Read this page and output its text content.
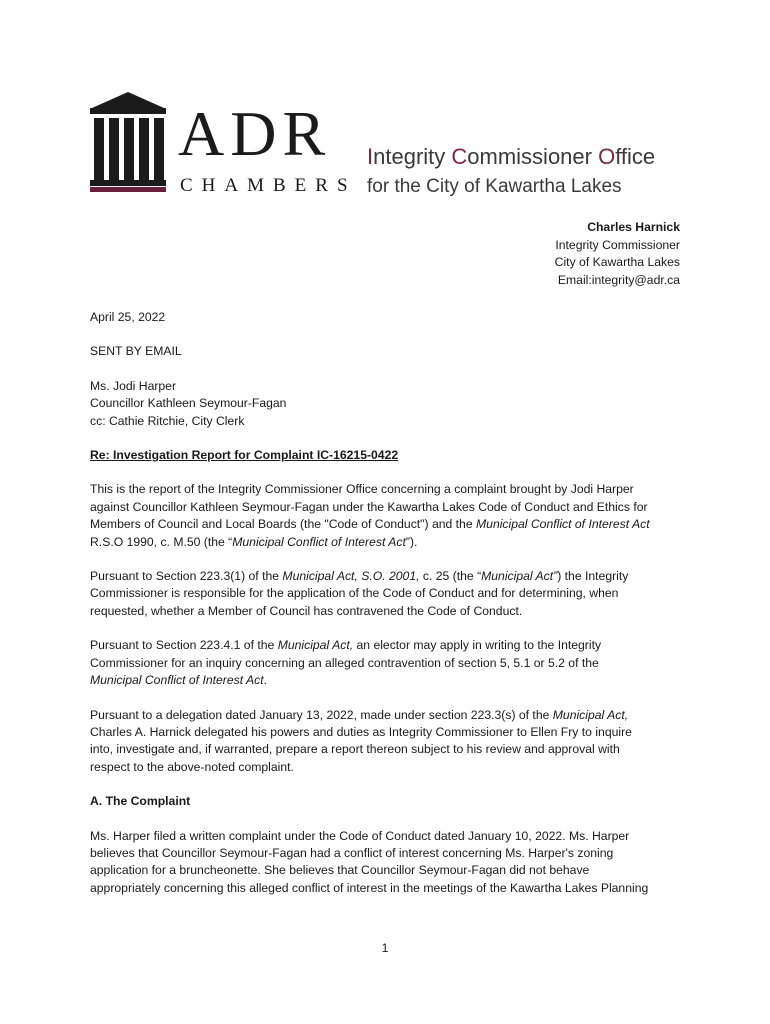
ADR
CHAMBERS
Integrity Commissioner Office
for the City of Kawartha Lakes
Charles Harnick
Integrity Commissioner
City of Kawartha Lakes
Email:integrity@adr.ca

April 25, 2022

SENT BY EMAIL

Ms. Jodi Harper
Councillor Kathleen Seymour-Fagan
cc: Cathie Ritchie, City Clerk

Re: Investigation Report for Complaint IC-16215-0422

This is the report of the Integrity Commissioner Office concerning a complaint brought by Jodi Harper
against Councillor Kathleen Seymour-Fagan under the Kawartha Lakes Code of Conduct and Ethics for
Members of Council and Local Boards (the "Code of Conduct") and the Municipal Conflict of Interest Act
R.S.O 1990, c. M.50 (the “Municipal Conflict of Interest Act”).

Pursuant to Section 223.3(1) of the Municipal Act, S.O. 2001, c. 25 (the “Municipal Act”) the Integrity
Commissioner is responsible for the application of the Code of Conduct and for determining, when
requested, whether a Member of Council has contravened the Code of Conduct.

Pursuant to Section 223.4.1 of the Municipal Act, an elector may apply in writing to the Integrity
Commissioner for an inquiry concerning an alleged contravention of section 5, 5.1 or 5.2 of the
Municipal Conflict of Interest Act.

Pursuant to a delegation dated January 13, 2022, made under section 223.3(s) of the Municipal Act,
Charles A. Harnick delegated his powers and duties as Integrity Commissioner to Ellen Fry to inquire
into, investigate and, if warranted, prepare a report thereon subject to his review and approval with
respect to the above-noted complaint.

A. The Complaint

Ms. Harper filed a written complaint under the Code of Conduct dated January 10, 2022. Ms. Harper
believes that Councillor Seymour-Fagan had a conflict of interest concerning Ms. Harper's zoning
application for a bruncheonette. She believes that Councillor Seymour-Fagan did not behave
appropriately concerning this alleged conflict of interest in the meetings of the Kawartha Lakes Planning

1
